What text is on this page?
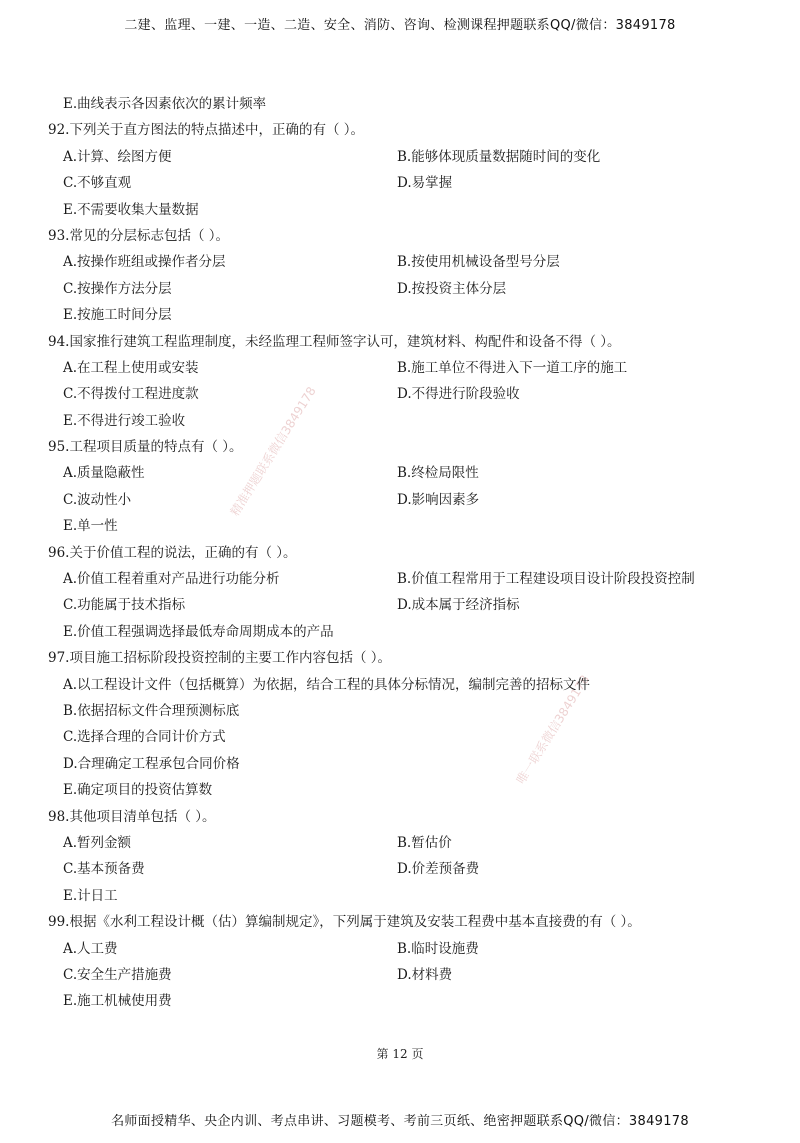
二建、监理、一建、一造、二造、安全、消防、咨询、检测课程押题联系QQ/微信：3849178
精准押题联系微信3849178
唯一联系微信3849178
E.曲线表示各因素依次的累计频率
92.下列关于直方图法的特点描述中，正确的有（ ）。
A.计算、绘图方便	B.能够体现质量数据随时间的变化
C.不够直观	D.易掌握
E.不需要收集大量数据
93.常见的分层标志包括（ ）。
A.按操作班组或操作者分层	B.按使用机械设备型号分层
C.按操作方法分层	D.按投资主体分层
E.按施工时间分层
94.国家推行建筑工程监理制度，未经监理工程师签字认可，建筑材料、构配件和设备不得（ ）。
A.在工程上使用或安装	B.施工单位不得进入下一道工序的施工
C.不得拨付工程进度款	D.不得进行阶段验收
E.不得进行竣工验收
95.工程项目质量的特点有（ ）。
A.质量隐蔽性	B.终检局限性
C.波动性小	D.影响因素多
E.单一性
96.关于价值工程的说法，正确的有（ ）。
A.价值工程着重对产品进行功能分析	B.价值工程常用于工程建设项目设计阶段投资控制
C.功能属于技术指标	D.成本属于经济指标
E.价值工程强调选择最低寿命周期成本的产品
97.项目施工招标阶段投资控制的主要工作内容包括（ ）。
A.以工程设计文件（包括概算）为依据，结合工程的具体分标情况，编制完善的招标文件
B.依据招标文件合理预测标底
C.选择合理的合同计价方式
D.合理确定工程承包合同价格
E.确定项目的投资估算数
98.其他项目清单包括（ ）。
A.暂列金额	B.暂估价
C.基本预备费	D.价差预备费
E.计日工
99.根据《水利工程设计概（估）算编制规定》，下列属于建筑及安装工程费中基本直接费的有（ ）。
A.人工费	B.临时设施费
C.安全生产措施费	D.材料费
E.施工机械使用费
第 12 页
名师面授精华、央企内训、考点串讲、习题模考、考前三页纸、绝密押题联系QQ/微信：3849178
